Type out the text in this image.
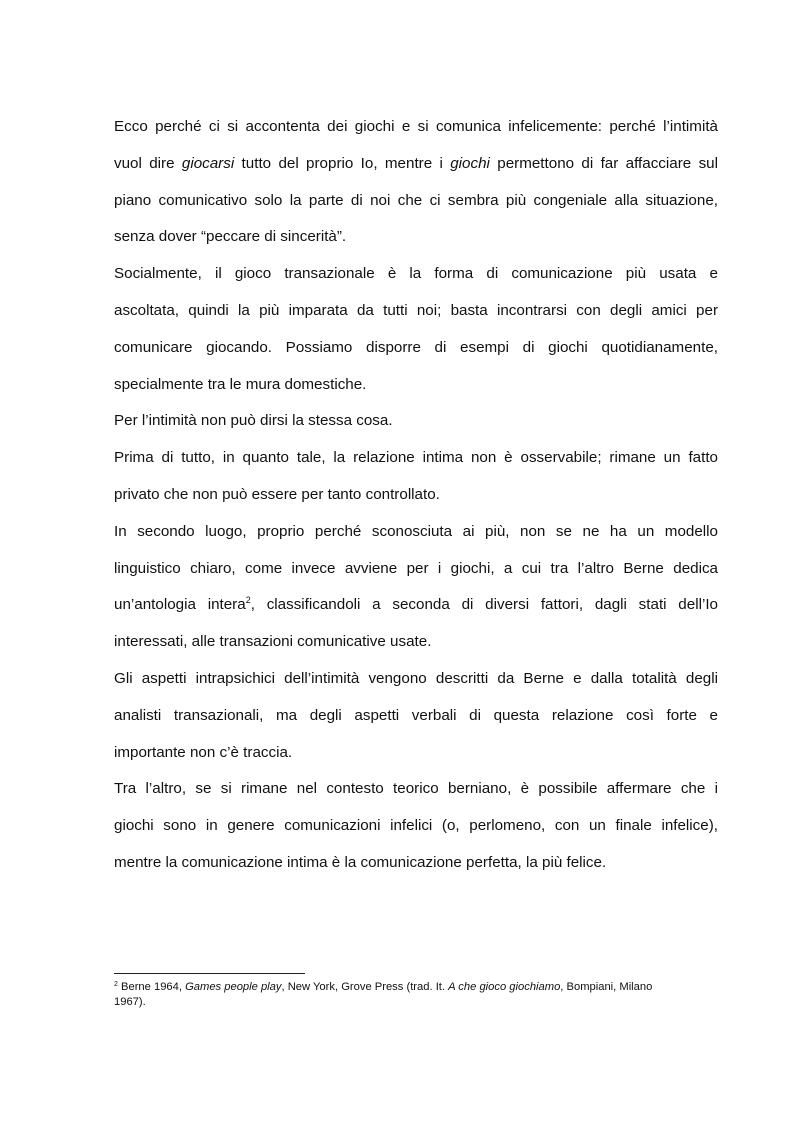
Ecco perché ci si accontenta dei giochi e si comunica infelicemente: perché l’intimità
vuol dire giocarsi tutto del proprio Io, mentre i giochi permettono di far affacciare sul
piano comunicativo solo la parte di noi che ci sembra più congeniale alla situazione,
senza dover “peccare di sincerità”.

Socialmente, il gioco transazionale è la forma di comunicazione più usata e
ascoltata, quindi la più imparata da tutti noi; basta incontrarsi con degli amici per
comunicare giocando. Possiamo disporre di esempi di giochi quotidianamente,
specialmente tra le mura domestiche.

Per l’intimità non può dirsi la stessa cosa.

Prima di tutto, in quanto tale, la relazione intima non è osservabile; rimane un fatto
privato che non può essere per tanto controllato.

In secondo luogo, proprio perché sconosciuta ai più, non se ne ha un modello
linguistico chiaro, come invece avviene per i giochi, a cui tra l’altro Berne dedica
un’antologia intera$^2$, classificandoli a seconda di diversi fattori, dagli stati dell’Io
interessati, alle transazioni comunicative usate.

Gli aspetti intrapsichici dell’intimità vengono descritti da Berne e dalla totalità degli
analisti transazionali, ma degli aspetti verbali di questa relazione così forte e
importante non c’è traccia.

Tra l’altro, se si rimane nel contesto teorico berniano, è possibile affermare che i
giochi sono in genere comunicazioni infelici (o, perlomeno, con un finale infelice),
mentre la comunicazione intima è la comunicazione perfetta, la più felice.

$^2$ Berne 1964, Games people play, New York, Grove Press (trad. It. A che gioco giochiamo, Bompiani, Milano
1967).
